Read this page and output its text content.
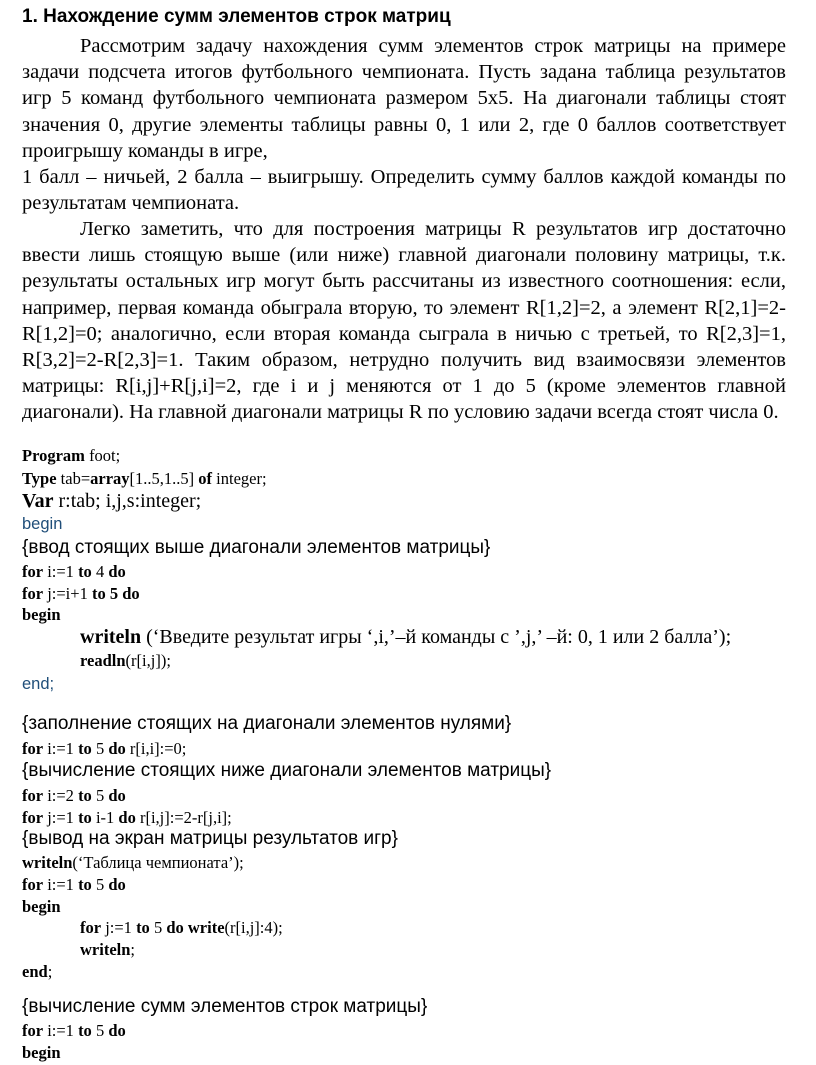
1. Нахождение сумм элементов строк матриц

Рассмотрим задачу нахождения сумм элементов строк матрицы на примере задачи подсчета итогов футбольного чемпионата. Пусть задана таблица результатов игр 5 команд футбольного чемпионата размером 5х5. На диагонали таблицы стоят значения 0, другие элементы таблицы равны 0, 1 или 2, где 0 баллов соответствует проигрышу команды в игре,

1 балл – ничьей, 2 балла – выигрышу. Определить сумму баллов каждой команды по результатам чемпионата.

Легко заметить, что для построения матрицы R результатов игр достаточно ввести лишь стоящую выше (или ниже) главной диагонали половину матрицы, т.к. результаты остальных игр могут быть рассчитаны из известного соотношения: если, например, первая команда обыграла вторую, то элемент R[1,2]=2, а элемент R[2,1]=2-R[1,2]=0; аналогично, если вторая команда сыграла в ничью с третьей, то R[2,3]=1, R[3,2]=2-R[2,3]=1. Таким образом, нетрудно получить вид взаимосвязи элементов матрицы: R[i,j]+R[j,i]=2, где i и j меняются от 1 до 5 (кроме элементов главной диагонали). На главной диагонали матрицы R по условию задачи всегда стоят числа 0.

Program foot;
Type tab=array[1..5,1..5] of integer;
Var r:tab; i,j,s:integer;
begin
{ввод стоящих выше диагонали элементов матрицы}
for i:=1 to 4 do
for j:=i+1 to 5 do
begin
writeln (‘Введите результат игры ‘,i,’–й команды с ’,j,’ –й: 0, 1 или 2 балла’);
readln(r[i,j]);
end;
{заполнение стоящих на диагонали элементов нулями}
for i:=1 to 5 do r[i,i]:=0;
{вычисление стоящих ниже диагонали элементов матрицы}
for i:=2 to 5 do
for j:=1 to i-1 do r[i,j]:=2-r[j,i];
{вывод на экран матрицы результатов игр}
writeln(‘Таблица чемпионата’);
for i:=1 to 5 do
begin
for j:=1 to 5 do write(r[i,j]:4);
writeln;
end;
{вычисление сумм элементов строк матрицы}
for i:=1 to 5 do
begin
